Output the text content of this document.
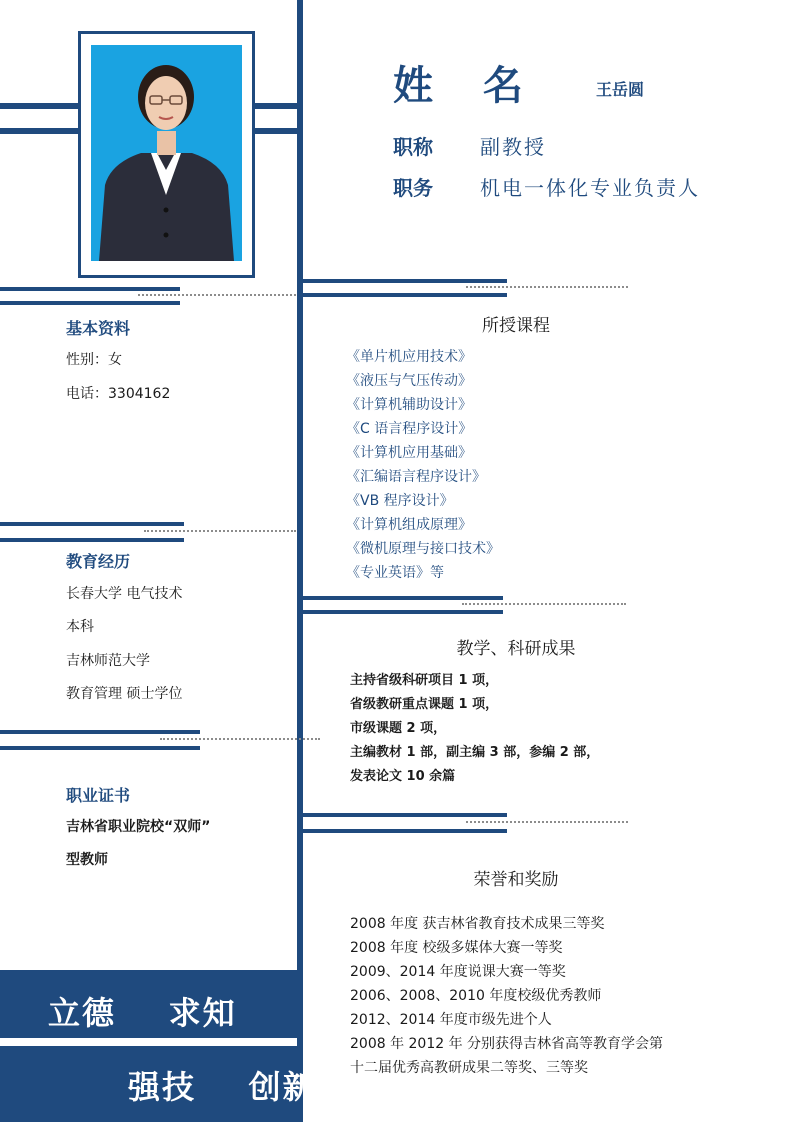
姓 名	王岳圆
职称 副教授
职务 机电一体化专业负责人
基本资料
性别：女
电话：3304162
教育经历
长春大学 电气技术
本科
吉林师范大学
教育管理 硕士学位
职业证书
吉林省职业院校“双师”
型教师
立德    求知
强技    创新
所授课程
《单片机应用技术》
《液压与气压传动》
《计算机辅助设计》
《C 语言程序设计》
《计算机应用基础》
《汇编语言程序设计》
《VB 程序设计》
《计算机组成原理》
《微机原理与接口技术》
《专业英语》等
教学、科研成果
主持省级科研项目 1 项，
省级教研重点课题 1 项，
市级课题 2 项，
主编教材 1 部，副主编 3 部，参编 2 部，
发表论文 10 余篇
荣誉和奖励
2008 年度 获吉林省教育技术成果三等奖
2008 年度 校级多媒体大赛一等奖
2009、2014 年度说课大赛一等奖
2006、2008、2010 年度校级优秀教师
2012、2014 年度市级先进个人
2008 年 2012 年 分别获得吉林省高等教育学会第
十二届优秀高教研成果二等奖、三等奖
